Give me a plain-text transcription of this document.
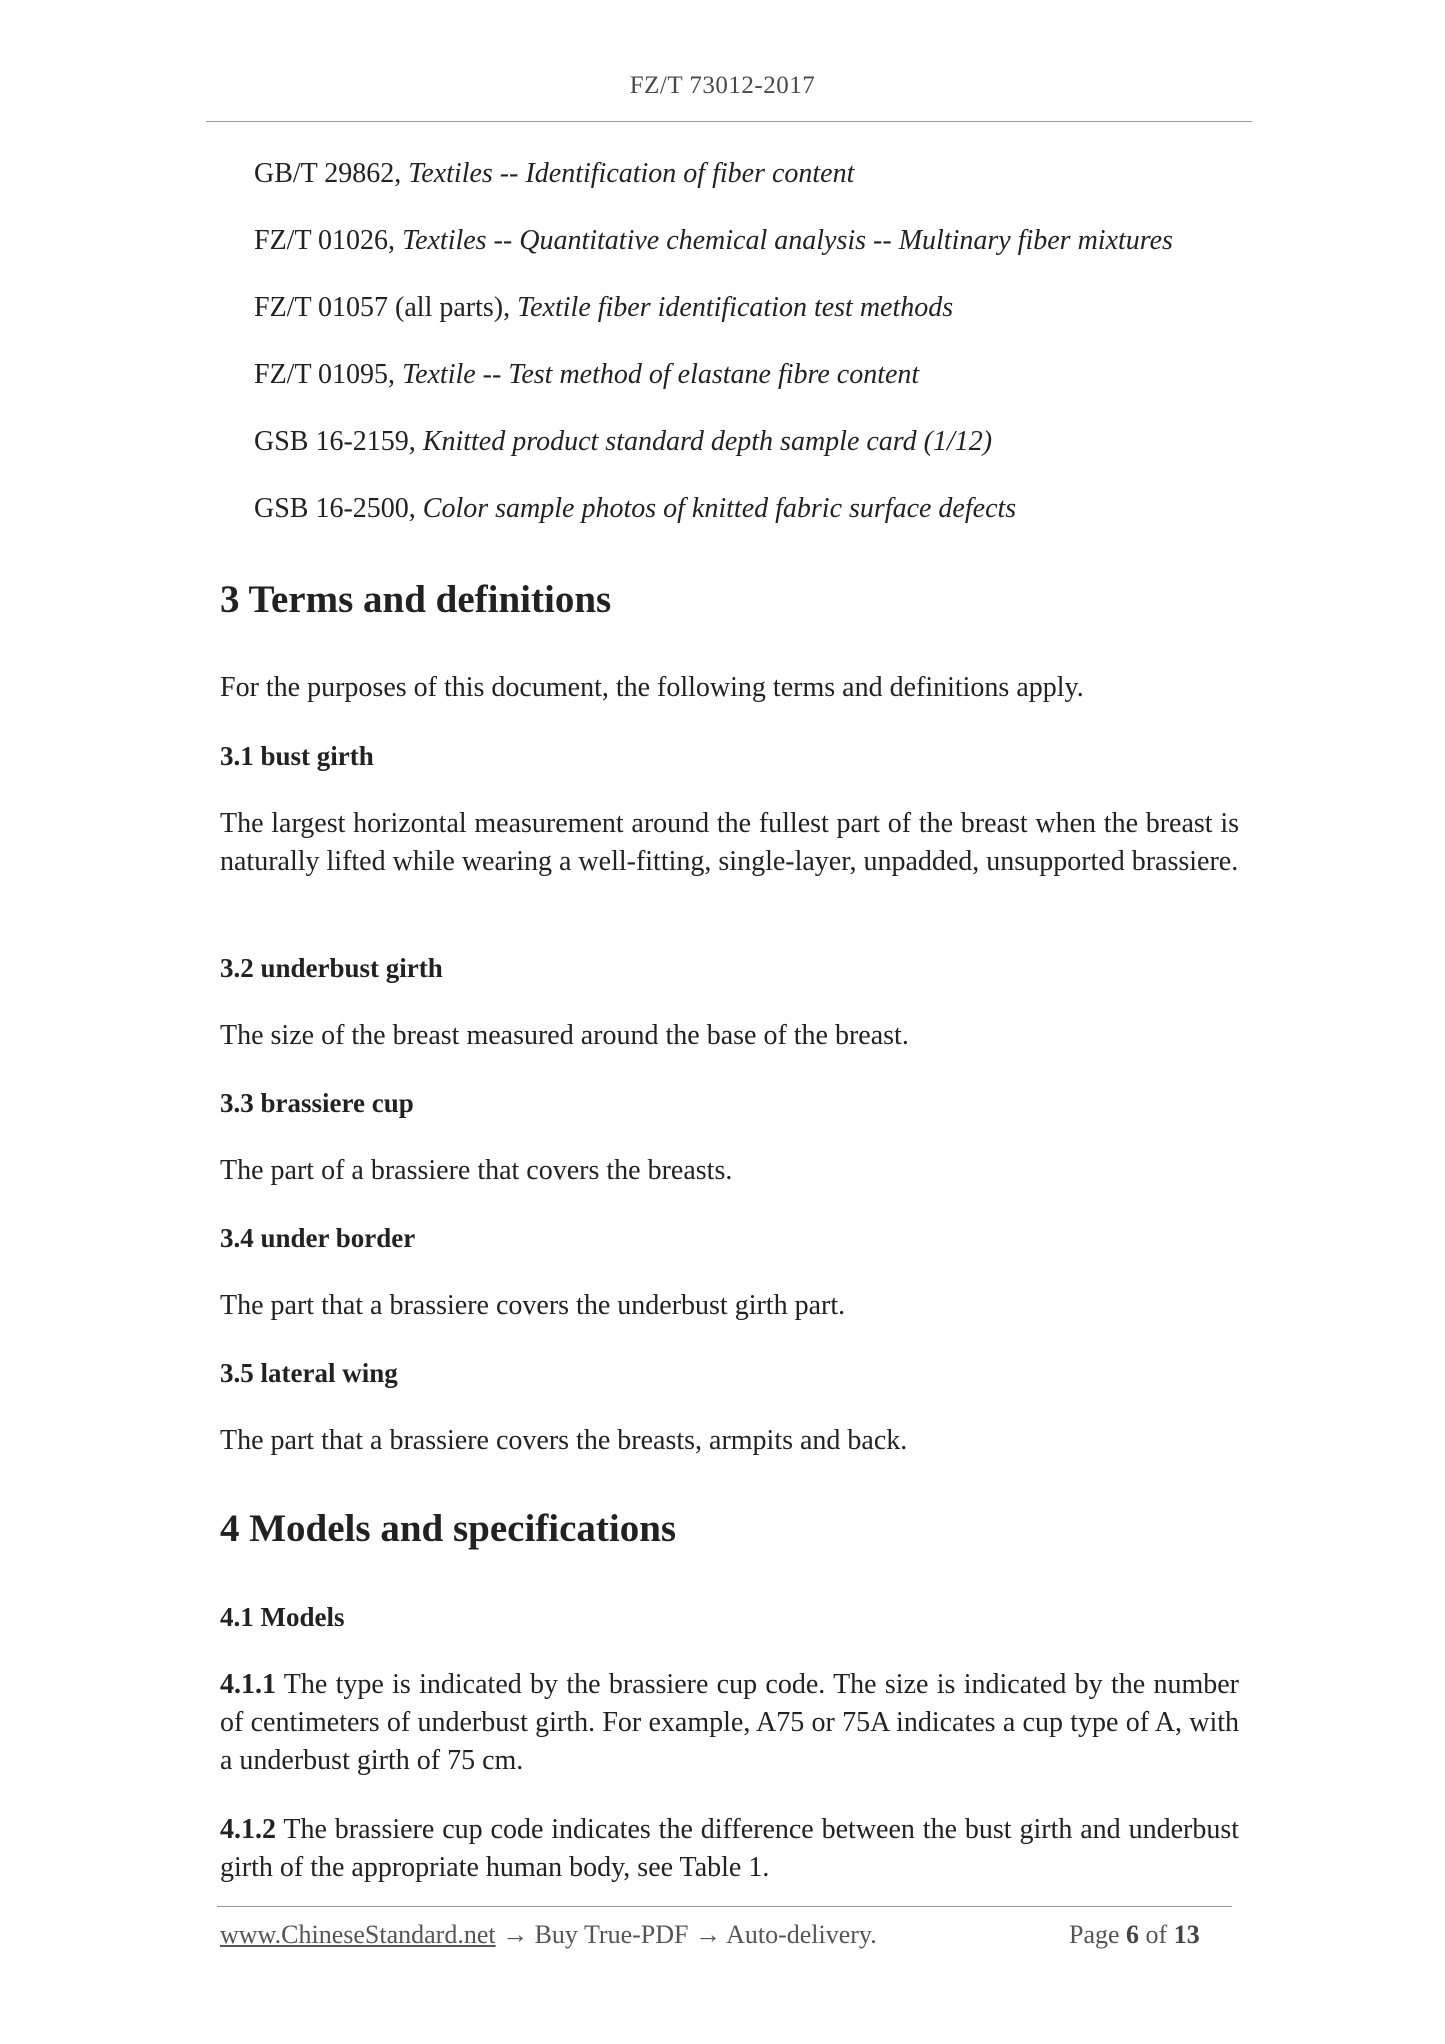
FZ/T 73012-2017
GB/T 29862, Textiles -- Identification of fiber content
FZ/T 01026, Textiles -- Quantitative chemical analysis -- Multinary fiber mixtures
FZ/T 01057 (all parts), Textile fiber identification test methods
FZ/T 01095, Textile -- Test method of elastane fibre content
GSB 16-2159, Knitted product standard depth sample card (1/12)
GSB 16-2500, Color sample photos of knitted fabric surface defects
3 Terms and definitions
For the purposes of this document, the following terms and definitions apply.
3.1 bust girth
The largest horizontal measurement around the fullest part of the breast when the breast is naturally lifted while wearing a well-fitting, single-layer, unpadded, unsupported brassiere.
3.2 underbust girth
The size of the breast measured around the base of the breast.
3.3 brassiere cup
The part of a brassiere that covers the breasts.
3.4 under border
The part that a brassiere covers the underbust girth part.
3.5 lateral wing
The part that a brassiere covers the breasts, armpits and back.
4 Models and specifications
4.1 Models
4.1.1 The type is indicated by the brassiere cup code. The size is indicated by the number of centimeters of underbust girth. For example, A75 or 75A indicates a cup type of A, with a underbust girth of 75 cm.
4.1.2 The brassiere cup code indicates the difference between the bust girth and underbust girth of the appropriate human body, see Table 1.
www.ChineseStandard.net → Buy True-PDF → Auto-delivery.	Page 6 of 13
